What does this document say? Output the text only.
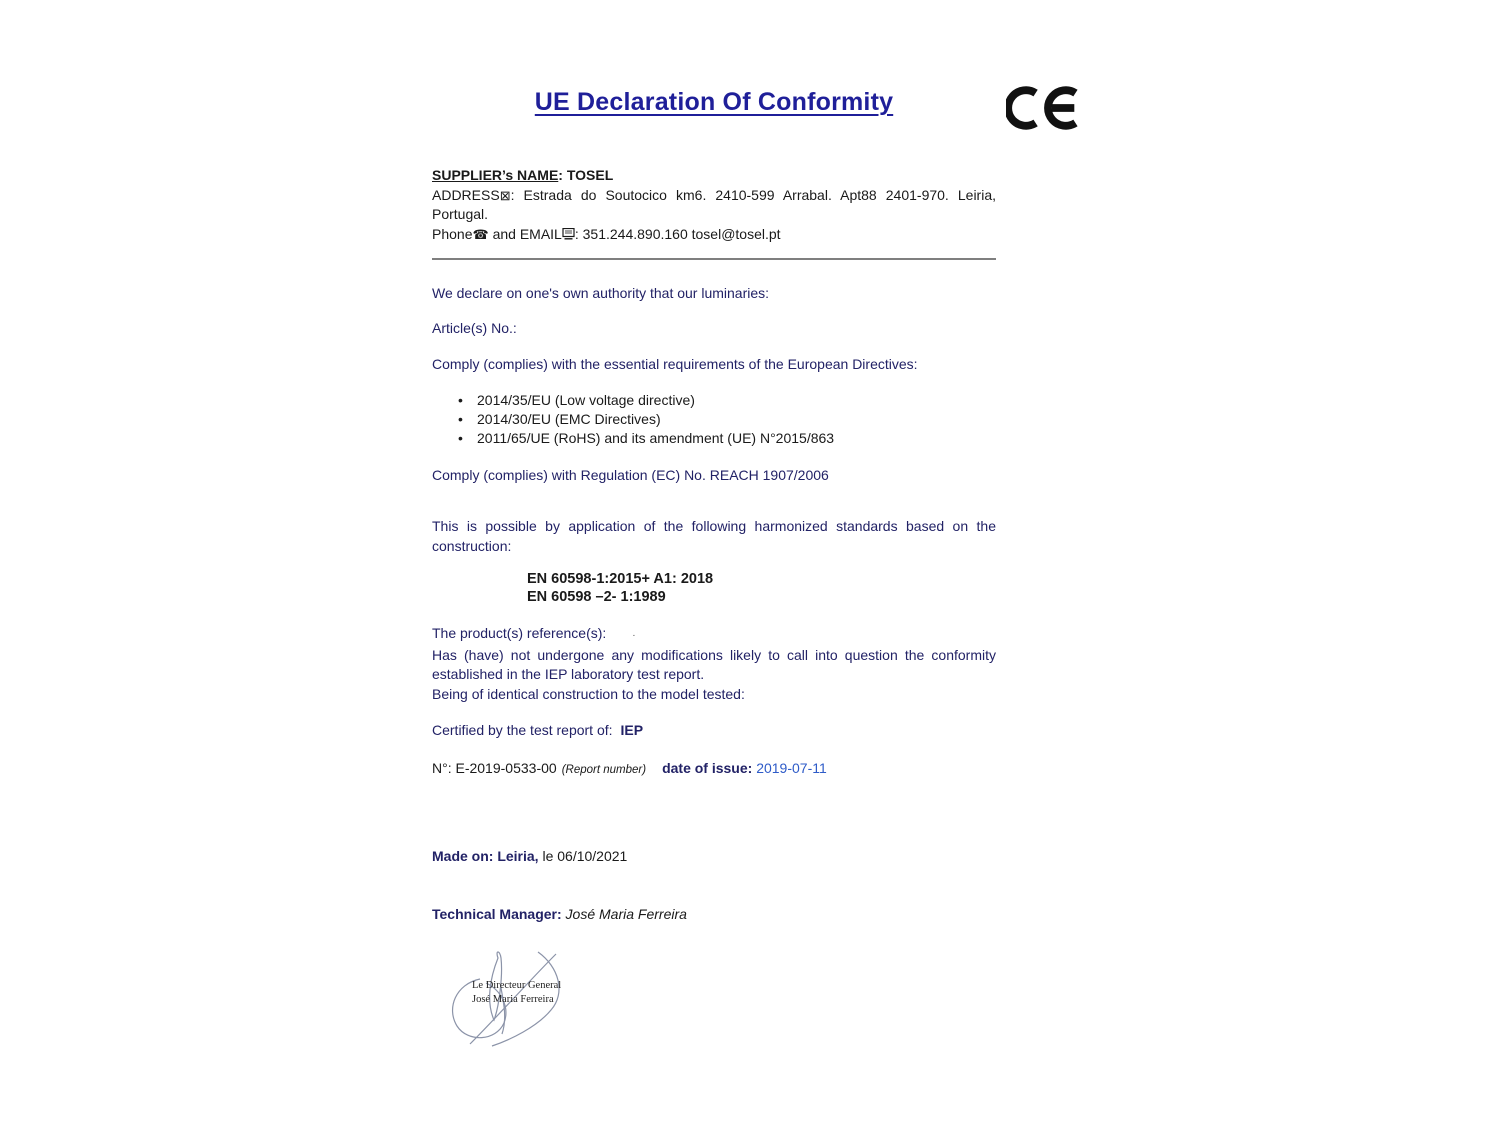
UE Declaration Of Conformity
SUPPLIER’s NAME: TOSEL
ADDRESS⊠: Estrada do Soutocico km6. 2410-599 Arrabal. Apt88 2401-970. Leiria, Portugal.
Phone☎ and EMAIL : 351.244.890.160 tosel@tosel.pt
We declare on one's own authority that our luminaries:
Article(s) No.:
Comply (complies) with the essential requirements of the European Directives:
• 2014/35/EU (Low voltage directive)
• 2014/30/EU (EMC Directives)
• 2011/65/UE (RoHS) and its amendment (UE) N°2015/863
Comply (complies) with Regulation (EC) No. REACH 1907/2006
This is possible by application of the following harmonized standards based on the construction:
EN 60598-1:2015+ A1: 2018
EN 60598 –2- 1:1989
The product(s) reference(s):	·
Has (have) not undergone any modifications likely to call into question the conformity established in the IEP laboratory test report.
Being of identical construction to the model tested:
Certified by the test report of: IEP
N°: E-2019-0533-00 (Report number) date of issue: 2019-07-11
Made on: Leiria, le 06/10/2021
Technical Manager: José Maria Ferreira
Le Directeur General
José Maria Ferreira
